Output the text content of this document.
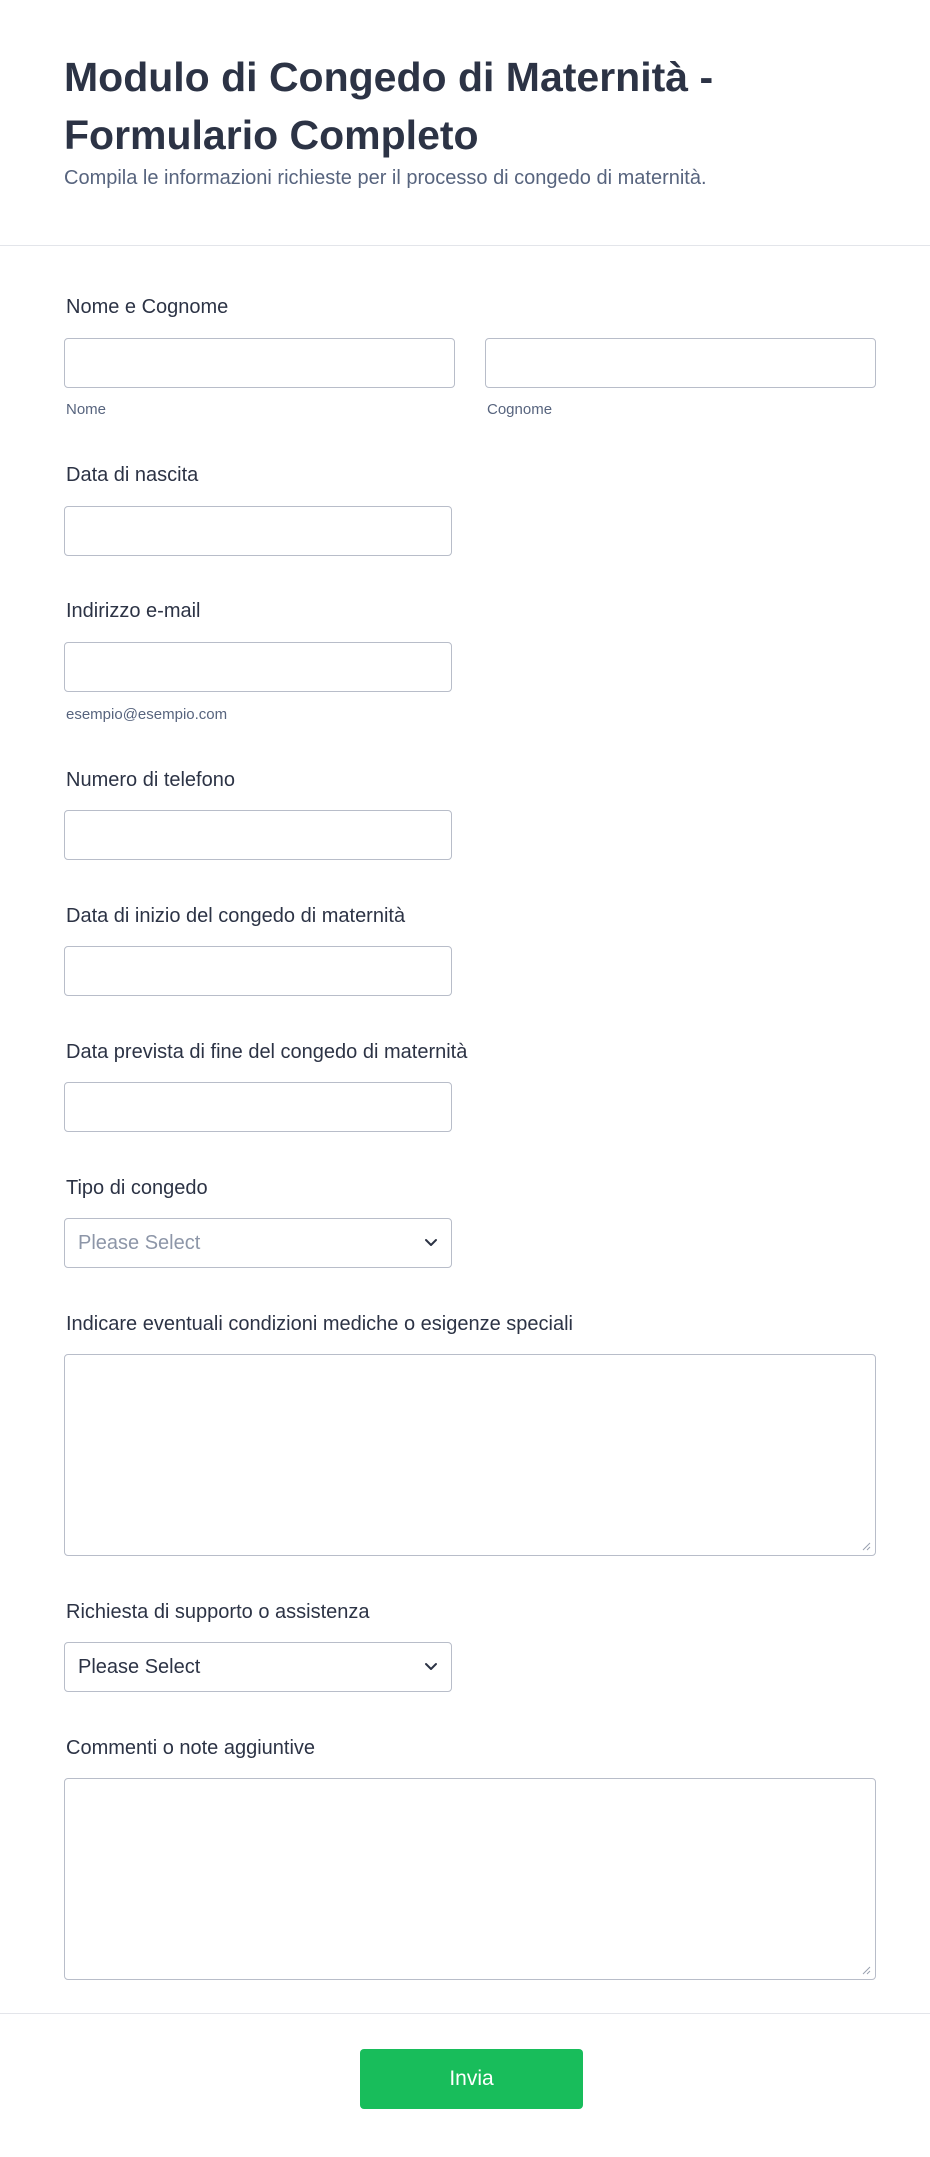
Modulo di Congedo di Maternità - Formulario Completo

Compila le informazioni richieste per il processo di congedo di maternità.

Nome e Cognome
Nome	Cognome
Data di nascita
Indirizzo e-mail
esempio@esempio.com
Numero di telefono
Data di inizio del congedo di maternità
Data prevista di fine del congedo di maternità
Tipo di congedo
Please Select
Indicare eventuali condizioni mediche o esigenze speciali
Richiesta di supporto o assistenza
Please Select
Commenti o note aggiuntive
Invia
